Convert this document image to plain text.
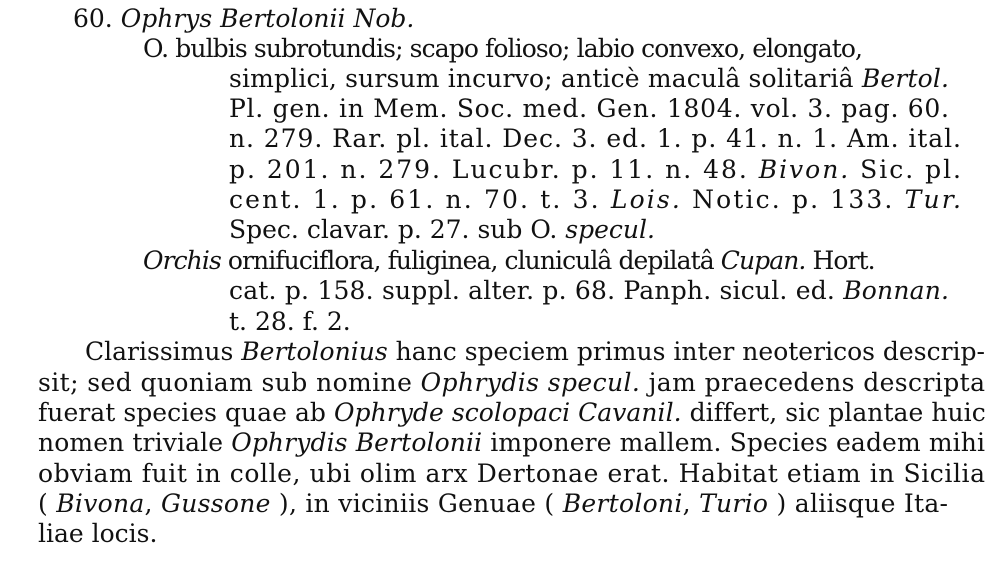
60. Ophrys Bertolonii Nob.
O. bulbis subrotundis; scapo folioso; labio convexo, elongato,
simplici, sursum incurvo; anticè maculâ solitariâ Bertol.
Pl. gen. in Mem. Soc. med. Gen. 1804. vol. 3. pag. 60.
n. 279. Rar. pl. ital. Dec. 3. ed. 1. p. 41. n. 1. Am. ital.
p. 201. n. 279. Lucubr. p. 11. n. 48. Bivon. Sic. pl.
cent. 1. p. 61. n. 70. t. 3. Lois. Notic. p. 133. Tur.
Spec. clavar. p. 27. sub O. specul.
Orchis ornifuciflora, fuliginea, cluniculâ depilatâ Cupan. Hort.
cat. p. 158. suppl. alter. p. 68. Panph. sicul. ed. Bonnan.
t. 28. f. 2.
Clarissimus Bertolonius hanc speciem primus inter neotericos descrip-
sit; sed quoniam sub nomine Ophrydis specul. jam praecedens descripta
fuerat species quae ab Ophryde scolopaci Cavanil. differt, sic plantae huic
nomen triviale Ophrydis Bertolonii imponere mallem. Species eadem mihi
obviam fuit in colle, ubi olim arx Dertonae erat. Habitat etiam in Sicilia
( Bivona, Gussone ), in viciniis Genuae ( Bertoloni, Turio ) aliisque Ita-
liae locis.
